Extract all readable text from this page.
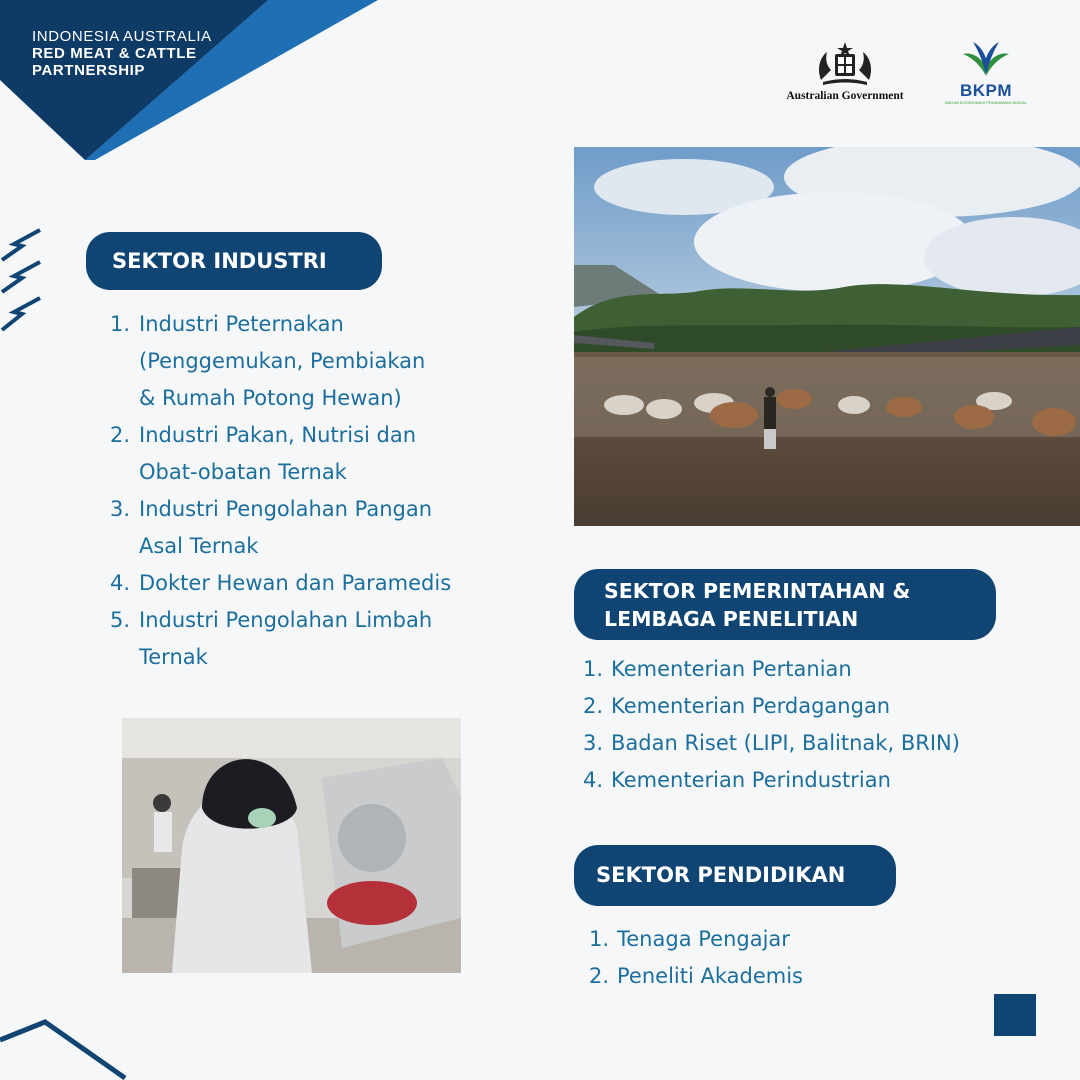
INDONESIA AUSTRALIA
RED MEAT & CATTLE
PARTNERSHIP
Australian Government	BKPM
BADAN KOORDINASI PENANAMAN MODAL
SEKTOR INDUSTRI
1. Industri Peternakan
(Penggemukan, Pembiakan
& Rumah Potong Hewan)
2. Industri Pakan, Nutrisi dan
Obat-obatan Ternak
3. Industri Pengolahan Pangan
Asal Ternak
4. Dokter Hewan dan Paramedis
5. Industri Pengolahan Limbah
Ternak
SEKTOR PEMERINTAHAN &
LEMBAGA PENELITIAN
1. Kementerian Pertanian
2. Kementerian Perdagangan
3. Badan Riset (LIPI, Balitnak, BRIN)
4. Kementerian Perindustrian
SEKTOR PENDIDIKAN
1. Tenaga Pengajar
2. Peneliti Akademis
